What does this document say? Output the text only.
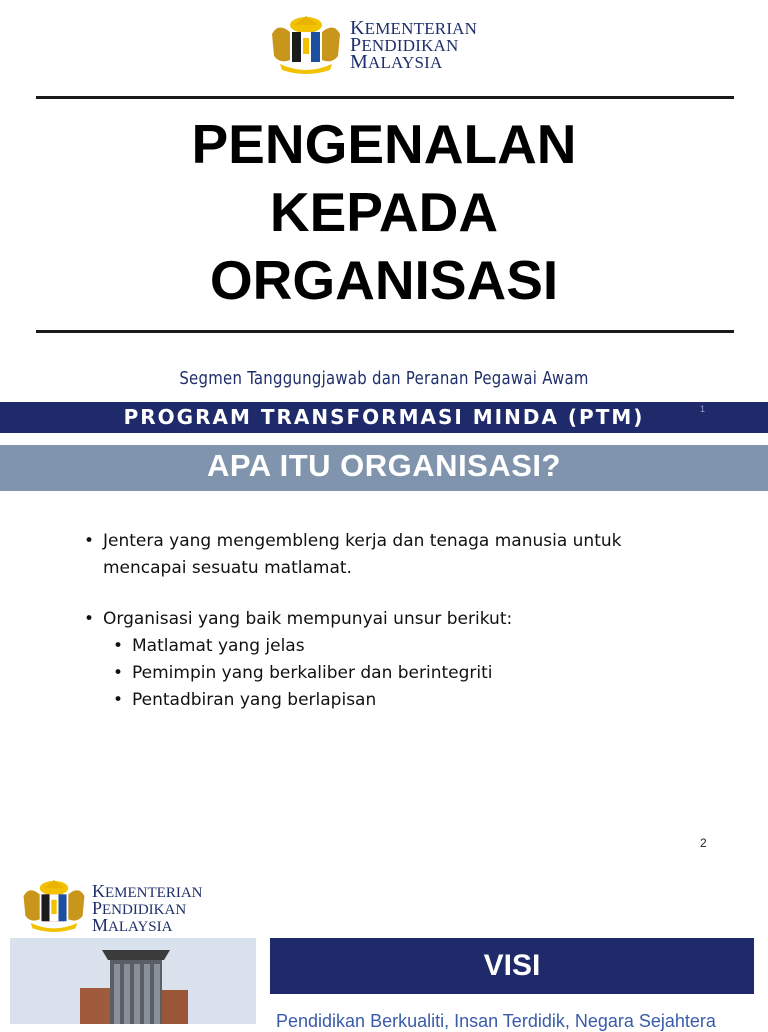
KEMENTERIAN
PENDIDIKAN
MALAYSIA
PENGENALAN
KEPADA
ORGANISASI
Segmen Tanggungjawab dan Peranan Pegawai Awam
PROGRAM TRANSFORMASI MINDA (PTM)	1
APA ITU ORGANISASI?
• Jentera yang mengembleng kerja dan tenaga manusia untuk mencapai sesuatu matlamat.
• Organisasi yang baik mempunyai unsur berikut:
• Matlamat yang jelas
• Pemimpin yang berkaliber dan berintegriti
• Pentadbiran yang berlapisan
2
KEMENTERIAN
PENDIDIKAN
MALAYSIA
VISI
Pendidikan Berkualiti, Insan Terdidik, Negara Sejahtera
